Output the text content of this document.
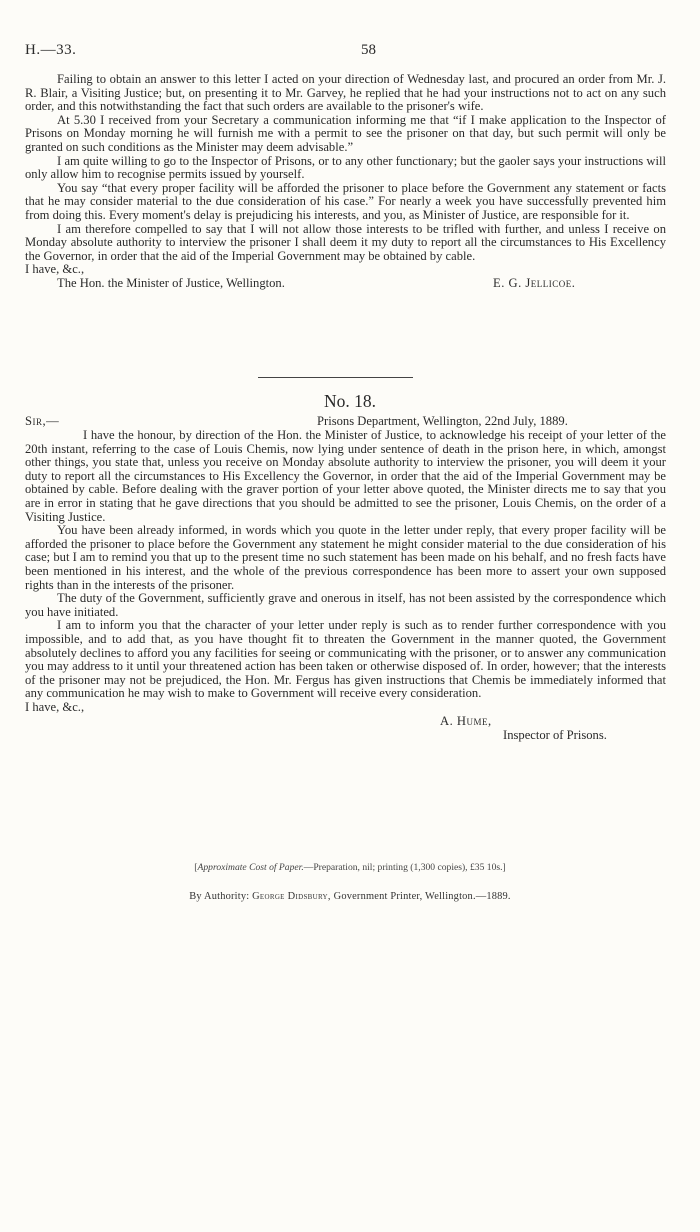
H.—33.	58

Failing to obtain an answer to this letter I acted on your direction of Wednesday last, and procured an order from Mr. J. R. Blair, a Visiting Justice; but, on presenting it to Mr. Garvey, he replied that he had your instructions not to act on any such order, and this notwithstanding the fact that such orders are available to the prisoner's wife.

At 5.30 I received from your Secretary a communication informing me that “if I make application to the Inspector of Prisons on Monday morning he will furnish me with a permit to see the prisoner on that day, but such permit will only be granted on such conditions as the Minister may deem advisable.”

I am quite willing to go to the Inspector of Prisons, or to any other functionary; but the gaoler says your instructions will only allow him to recognise permits issued by yourself.

You say “that every proper facility will be afforded the prisoner to place before the Government any statement or facts that he may consider material to the due consideration of his case.” For nearly a week you have successfully prevented him from doing this. Every moment's delay is prejudicing his interests, and you, as Minister of Justice, are responsible for it.

I am therefore compelled to say that I will not allow those interests to be trifled with further, and unless I receive on Monday absolute authority to interview the prisoner I shall deem it my duty to report all the circumstances to His Excellency the Governor, in order that the aid of the Imperial Government may be obtained by cable.

I have, &c.,
The Hon. the Minister of Justice, Wellington.	E. G. Jellicoe.
No. 18.
Sir,—	Prisons Department, Wellington, 22nd July, 1889.

I have the honour, by direction of the Hon. the Minister of Justice, to acknowledge his receipt of your letter of the 20th instant, referring to the case of Louis Chemis, now lying under sentence of death in the prison here, in which, amongst other things, you state that, unless you receive on Monday absolute authority to interview the prisoner, you will deem it your duty to report all the circumstances to His Excellency the Governor, in order that the aid of the Imperial Government may be obtained by cable. Before dealing with the graver portion of your letter above quoted, the Minister directs me to say that you are in error in stating that he gave directions that you should be admitted to see the prisoner, Louis Chemis, on the order of a Visiting Justice.

You have been already informed, in words which you quote in the letter under reply, that every proper facility will be afforded the prisoner to place before the Government any statement he might consider material to the due consideration of his case; but I am to remind you that up to the present time no such statement has been made on his behalf, and no fresh facts have been mentioned in his interest, and the whole of the previous correspondence has been more to assert your own supposed rights than in the interests of the prisoner.

The duty of the Government, sufficiently grave and onerous in itself, has not been assisted by the correspondence which you have initiated.

I am to inform you that the character of your letter under reply is such as to render further correspondence with you impossible, and to add that, as you have thought fit to threaten the Government in the manner quoted, the Government absolutely declines to afford you any facilities for seeing or communicating with the prisoner, or to answer any communication you may address to it until your threatened action has been taken or otherwise disposed of. In order, however; that the interests of the prisoner may not be prejudiced, the Hon. Mr. Fergus has given instructions that Chemis be immediately informed that any communication he may wish to make to Government will receive every consideration.

I have, &c.,
A. Hume,
Inspector of Prisons.
[Approximate Cost of Paper.—Preparation, nil; printing (1,300 copies), £35 10s.]
By Authority: George Didsbury, Government Printer, Wellington.—1889.
